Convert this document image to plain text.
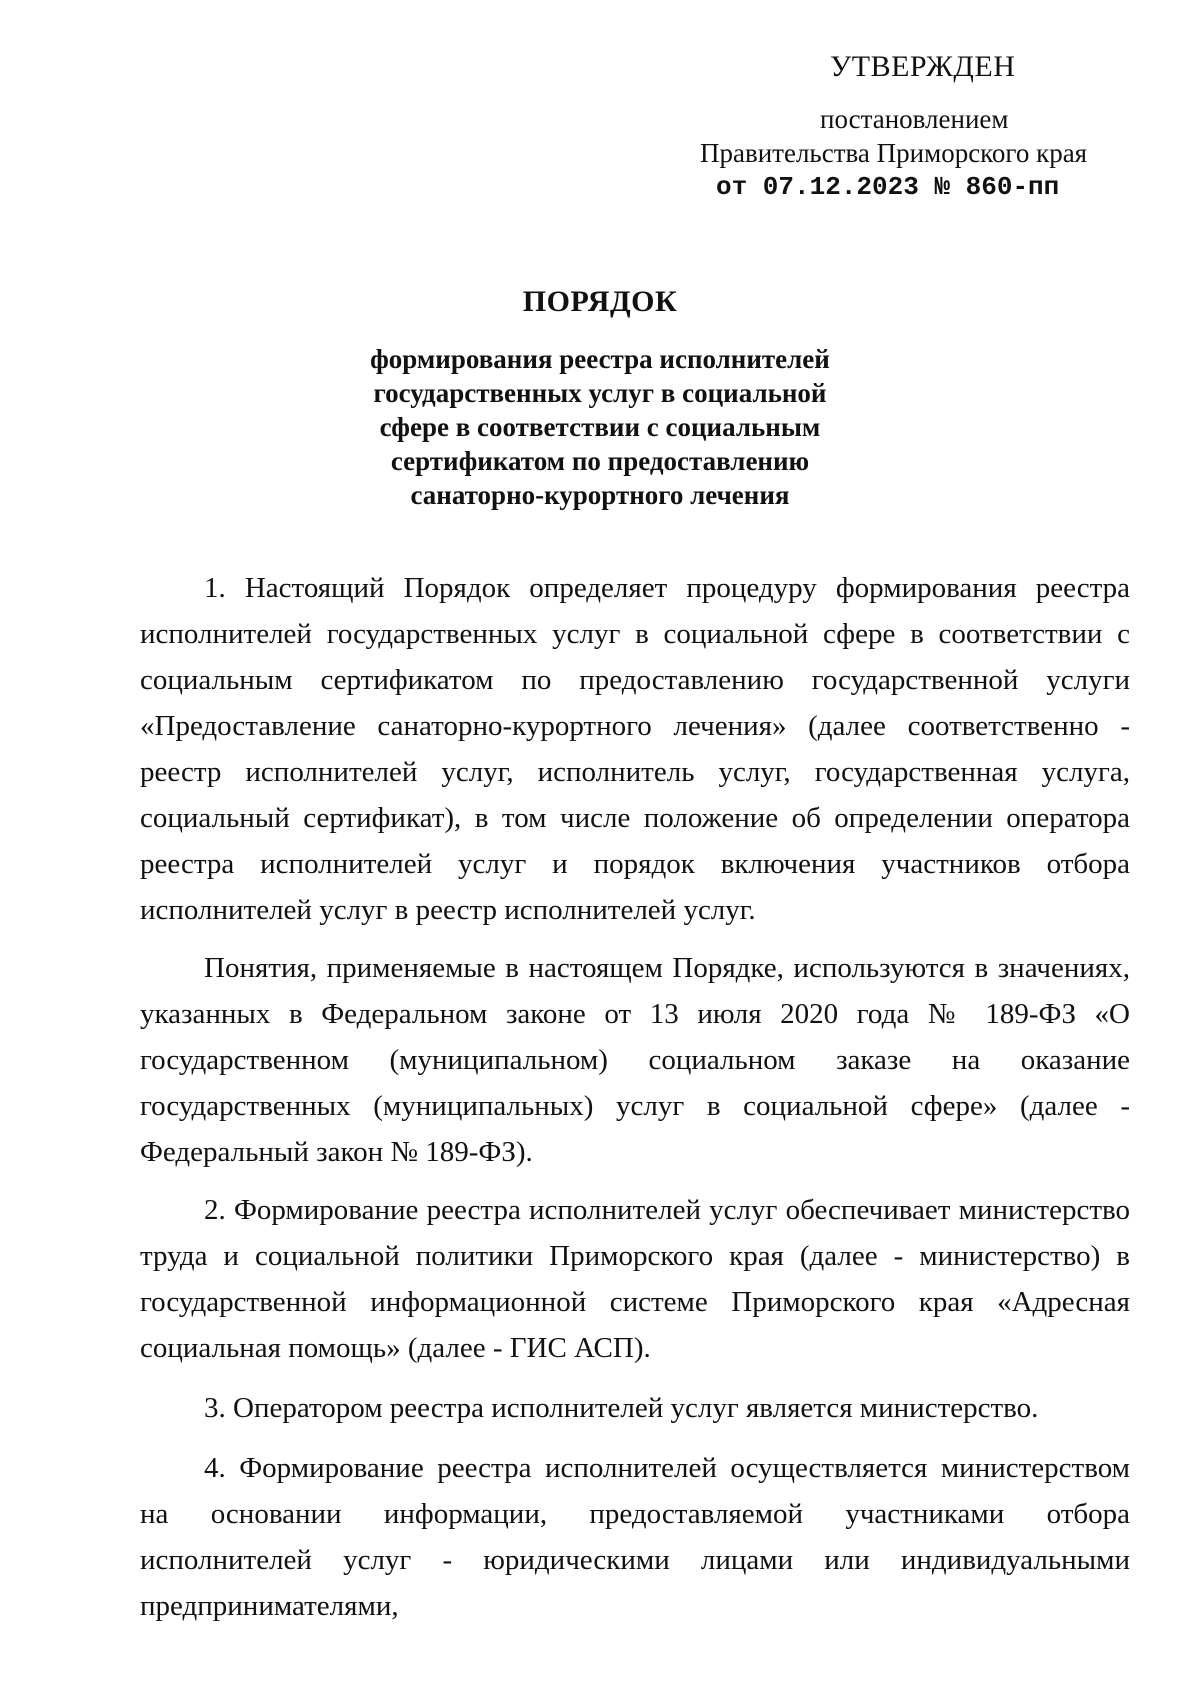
УТВЕРЖДЕН
постановлением
Правительства Приморского края
от 07.12.2023 № 860-пп
ПОРЯДОК
формирования реестра исполнителей
государственных услуг в социальной
сфере в соответствии с социальным
сертификатом по предоставлению
санаторно-курортного лечения

1. Настоящий Порядок определяет процедуру формирования реестра исполнителей государственных услуг в социальной сфере в соответствии с социальным сертификатом по предоставлению государственной услуги «Предоставление санаторно-курортного лечения» (далее соответственно - реестр исполнителей услуг, исполнитель услуг, государственная услуга, социальный сертификат), в том числе положение об определении оператора реестра исполнителей услуг и порядок включения участников отбора исполнителей услуг в реестр исполнителей услуг.

Понятия, применяемые в настоящем Порядке, используются в значениях, указанных в Федеральном законе от 13 июля 2020 года № 189-ФЗ «О государственном (муниципальном) социальном заказе на оказание государственных (муниципальных) услуг в социальной сфере» (далее - Федеральный закон № 189-ФЗ).

2. Формирование реестра исполнителей услуг обеспечивает министерство труда и социальной политики Приморского края (далее - министерство) в государственной информационной системе Приморского края «Адресная социальная помощь» (далее - ГИС АСП).

3. Оператором реестра исполнителей услуг является министерство.

4. Формирование реестра исполнителей осуществляется министерством на основании информации, предоставляемой участниками отбора исполнителей услуг - юридическими лицами или индивидуальными предпринимателями,
